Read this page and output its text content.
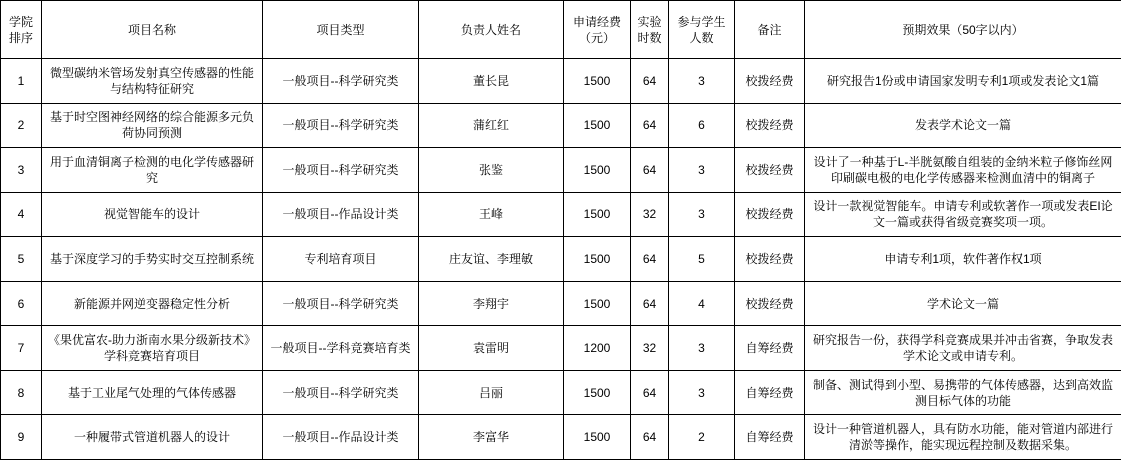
学院排序	项目名称	项目类型	负责人姓名	申请经费（元）	实验时数	参与学生人数	备注	预期效果（50字以内）
1	微型碳纳米管场发射真空传感器的性能与结构特征研究	一般项目--科学研究类	董长昆	1500	64	3	校拨经费	研究报告1份或申请国家发明专利1项或发表论文1篇
2	基于时空图神经网络的综合能源多元负荷协同预测	一般项目--科学研究类	蒲红红	1500	64	6	校拨经费	发表学术论文一篇
3	用于血清铜离子检测的电化学传感器研究	一般项目--科学研究类	张鉴	1500	64	3	校拨经费	设计了一种基于L-半胱氨酸自组装的金纳米粒子修饰丝网印刷碳电极的电化学传感器来检测血清中的铜离子
4	视觉智能车的设计	一般项目--作品设计类	王峰	1500	32	3	校拨经费	设计一款视觉智能车。申请专利或软著作一项或发表EI论文一篇或获得省级竞赛奖项一项。
5	基于深度学习的手势实时交互控制系统	专利培育项目	庄友谊、李理敏	1500	64	5	校拨经费	申请专利1项，软件著作权1项
6	新能源并网逆变器稳定性分析	一般项目--科学研究类	李翔宇	1500	64	4	校拨经费	学术论文一篇
7	《果优富农-助力浙南水果分级新技术》学科竞赛培育项目	一般项目--学科竞赛培育类	袁雷明	1200	32	3	自筹经费	研究报告一份，获得学科竞赛成果并冲击省赛，争取发表学术论文或申请专利。
8	基于工业尾气处理的气体传感器	一般项目--科学研究类	吕丽	1500	64	3	自筹经费	制备、测试得到小型、易携带的气体传感器，达到高效监测目标气体的功能
9	一种履带式管道机器人的设计	一般项目--作品设计类	李富华	1500	64	2	自筹经费	设计一种管道机器人，具有防水功能，能对管道内部进行清淤等操作，能实现远程控制及数据采集。
